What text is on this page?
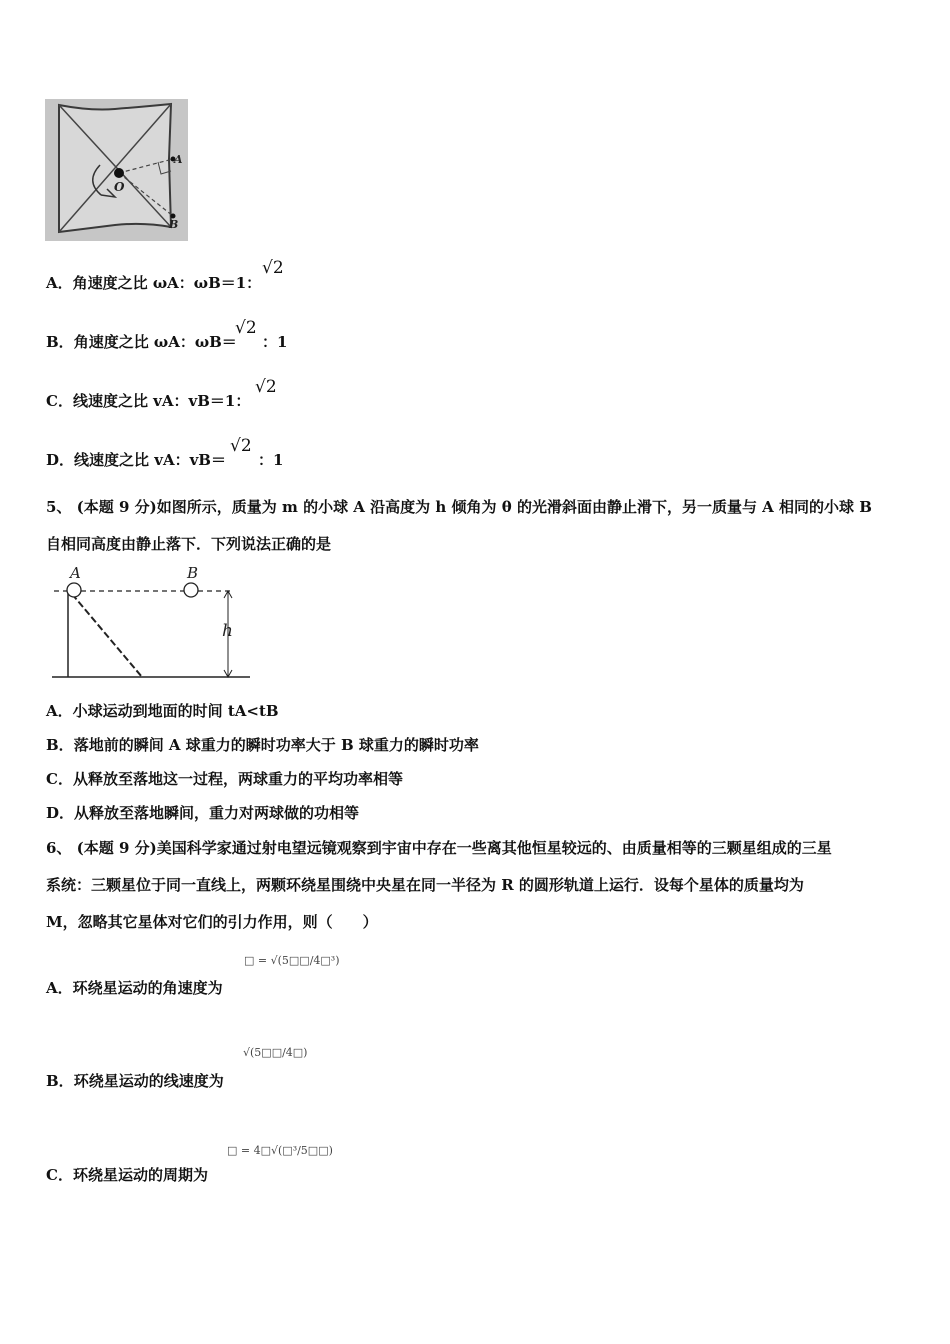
O
A
B
A．角速度之比 ωA：ωB＝1：
√2
B．角速度之比 ωA：ωB＝
√2
：1
C．线速度之比 vA：vB＝1：
√2
D．线速度之比 vA：vB＝
√2
：1
5、 (本题 9 分)如图所示，质量为 m 的小球 A 沿高度为 h 倾角为 θ 的光滑斜面由静止滑下，另一质量与 A 相同的小球 B
自相同高度由静止落下．下列说法正确的是
A	B
h
A．小球运动到地面的时间 tA<tB
B．落地前的瞬间 A 球重力的瞬时功率大于 B 球重力的瞬时功率
C．从释放至落地这一过程，两球重力的平均功率相等
D．从释放至落地瞬间，重力对两球做的功相等
6、 (本题 9 分)美国科学家通过射电望远镜观察到宇宙中存在一些离其他恒星较远的、由质量相等的三颗星组成的三星
系统：三颗星位于同一直线上，两颗环绕星围绕中央星在同一半径为 R 的圆形轨道上运行．设每个星体的质量均为
M，忽略其它星体对它们的引力作用，则（　　）
A．环绕星运动的角速度为
□ = √(5□□/4□³)
B．环绕星运动的线速度为
√(5□□/4□)
C．环绕星运动的周期为
□ = 4□√(□³/5□□)
